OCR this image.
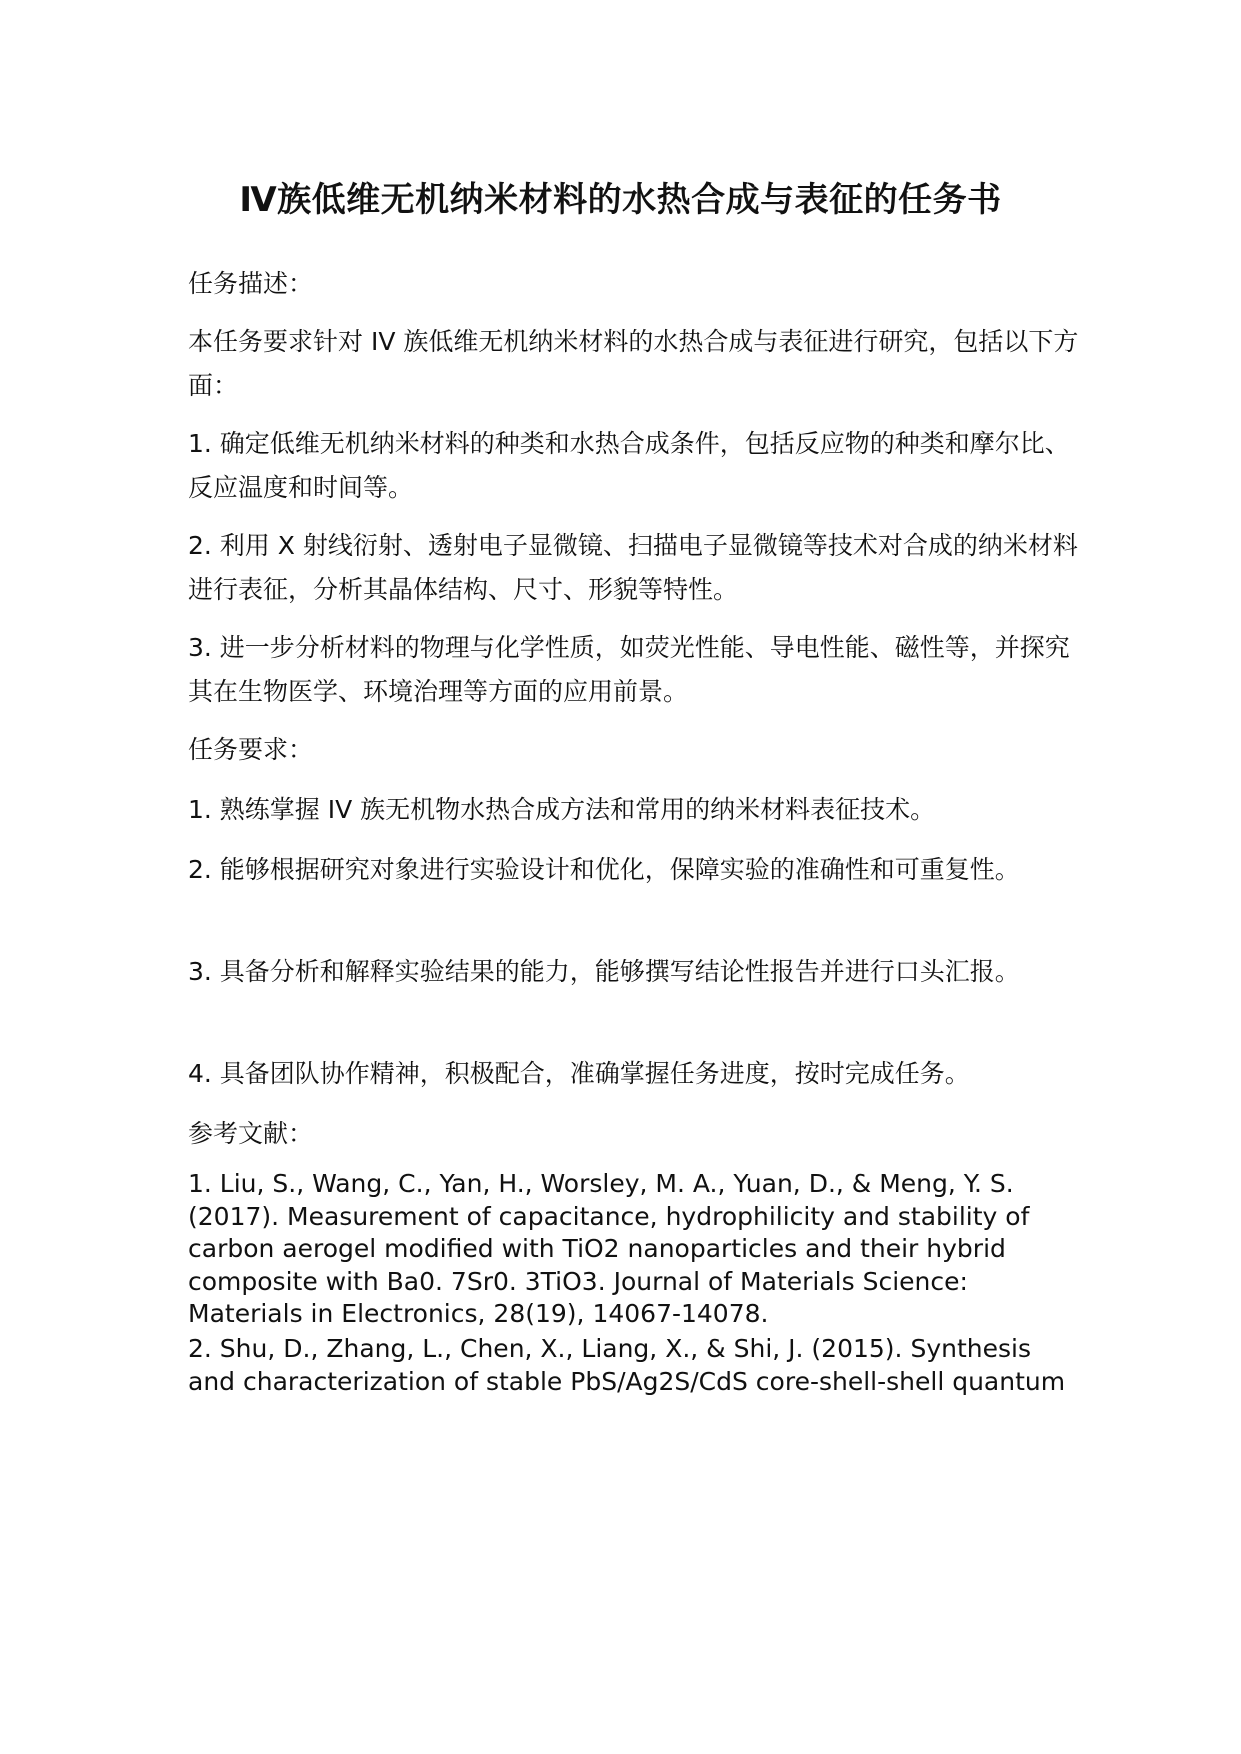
Ⅳ族低维无机纳米材料的水热合成与表征的任务书

任务描述：

本任务要求针对 IV 族低维无机纳米材料的水热合成与表征进行研究，包括以下方面：

1. 确定低维无机纳米材料的种类和水热合成条件，包括反应物的种类和摩尔比、反应温度和时间等。

2. 利用 X 射线衍射、透射电子显微镜、扫描电子显微镜等技术对合成的纳米材料进行表征，分析其晶体结构、尺寸、形貌等特性。

3. 进一步分析材料的物理与化学性质，如荧光性能、导电性能、磁性等，并探究其在生物医学、环境治理等方面的应用前景。

任务要求：

1. 熟练掌握 IV 族无机物水热合成方法和常用的纳米材料表征技术。

2. 能够根据研究对象进行实验设计和优化，保障实验的准确性和可重复性。

3. 具备分析和解释实验结果的能力，能够撰写结论性报告并进行口头汇报。

4. 具备团队协作精神，积极配合，准确掌握任务进度，按时完成任务。

参考文献：

1. Liu, S., Wang, C., Yan, H., Worsley, M. A., Yuan, D., & Meng, Y. S. (2017). Measurement of capacitance, hydrophilicity and stability of carbon aerogel modified with TiO2 nanoparticles and their hybrid composite with Ba0. 7Sr0. 3TiO3. Journal of Materials Science: Materials in Electronics, 28(19), 14067-14078.

2. Shu, D., Zhang, L., Chen, X., Liang, X., & Shi, J. (2015). Synthesis and characterization of stable PbS/Ag2S/CdS core-shell-shell quantum
